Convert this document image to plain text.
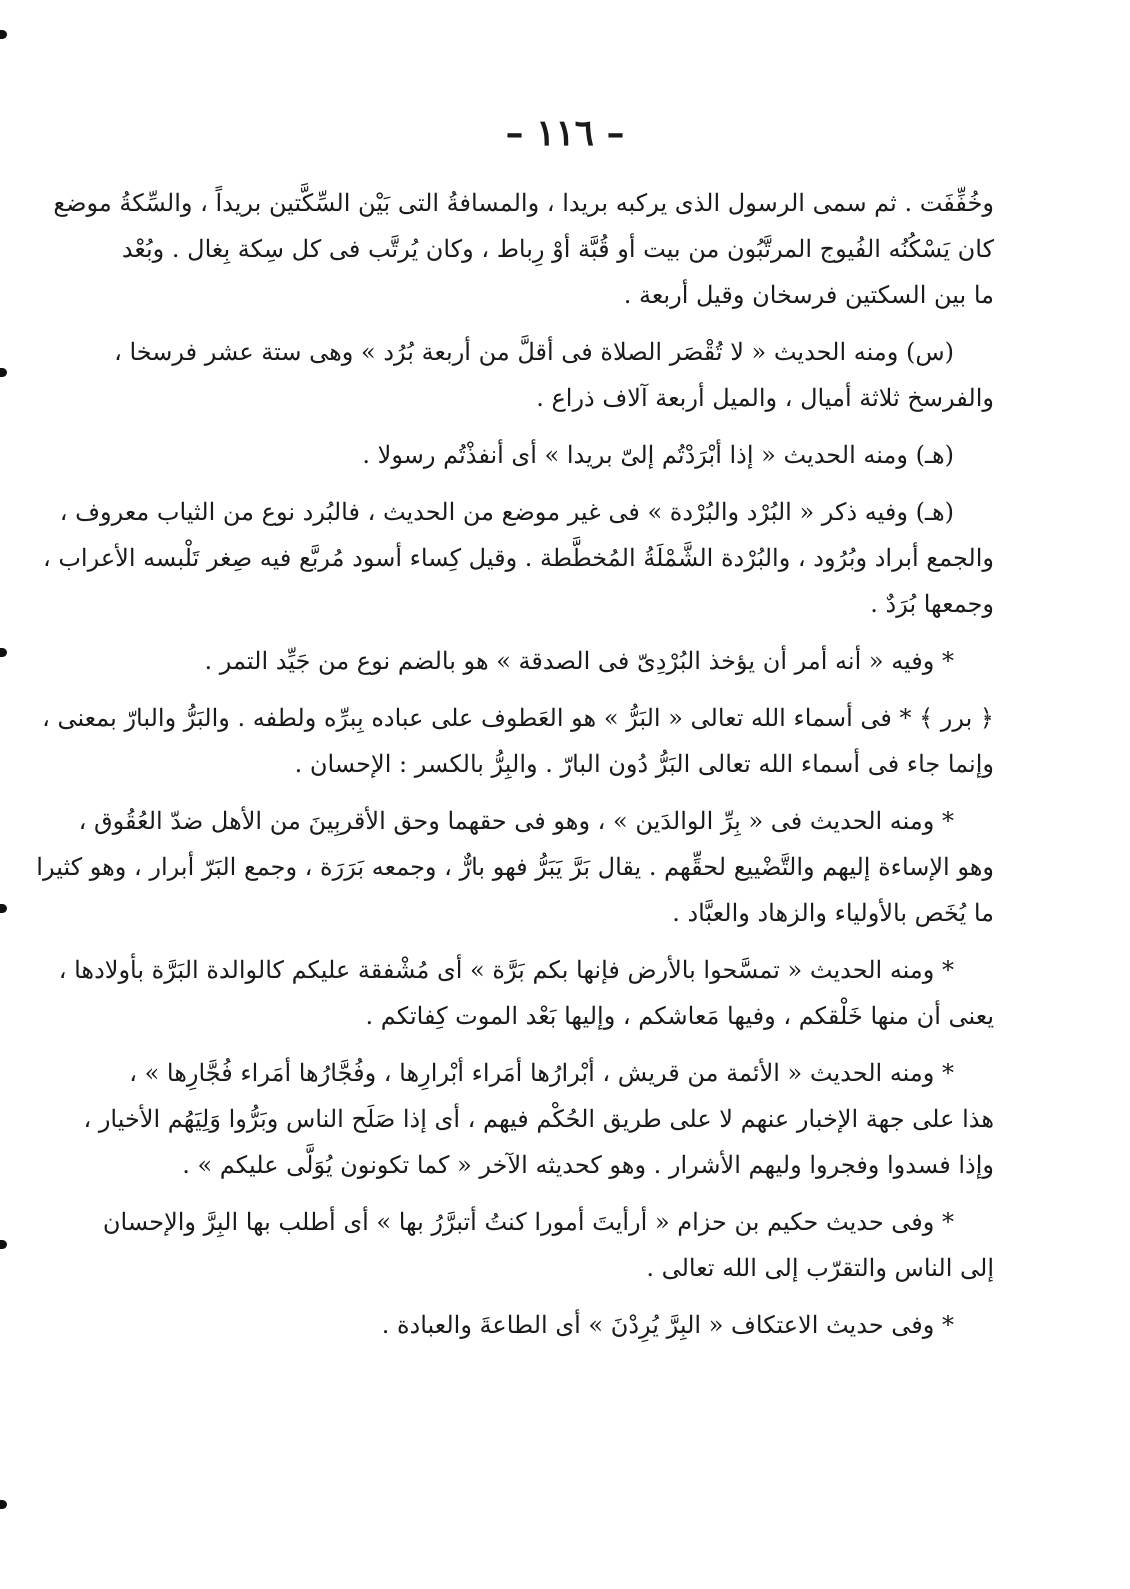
– ١١٦ –
وخُفِّفَت . ثم سمى الرسول الذى يركبه بريدا ، والمسافةُ التى بَيْن السِّكَّتين بريداً ، والسِّكةُ موضع
كان يَسْكُنُه الفُيوج المرتَّبُون من بيت أو قُبَّة أوْ رِباط ، وكان يُرتَّب فى كل سِكة بِغال . وبُعْد
ما بين السكتين فرسخان وقيل أربعة .
(س) ومنه الحديث « لا تُقْصَر الصلاة فى أقلَّ من أربعة بُرُد » وهى ستة عشر فرسخا ،
والفرسخ ثلاثة أميال ، والميل أربعة آلاف ذراع .
(هـ) ومنه الحديث « إذا أبْرَدْتُم إلىّ بريدا » أى أنفذْتُم رسولا .
(هـ) وفيه ذكر « البُرْد والبُرْدة » فى غير موضع من الحديث ، فالبُرد نوع من الثياب معروف ،
والجمع أبراد وبُرُود ، والبُرْدة الشَّمْلَةُ المُخطَّطة . وقيل كِساء أسود مُربَّع فيه صِغر تَلْبسه الأعراب ،
وجمعها بُرَدٌ .
* وفيه « أنه أمر أن يؤخذ البُرْدِىّ فى الصدقة » هو بالضم نوع من جَيِّد التمر .
﴿ برر ﴾ * فى أسماء الله تعالى « البَرُّ » هو العَطوف على عباده بِبرِّه ولطفه . والبَرُّ والبارّ بمعنى ،
وإنما جاء فى أسماء الله تعالى البَرُّ دُون البارّ . والبِرُّ بالكسر : الإحسان .
* ومنه الحديث فى « بِرِّ الوالدَين » ، وهو فى حقهما وحق الأقربِينَ من الأهل ضدّ العُقُوق ،
وهو الإساءة إليهم والتَّضْييع لحقِّهم . يقال بَرَّ يَبَرُّ فهو بارٌّ ، وجمعه بَرَرَة ، وجمع البَرّ أبرار ، وهو كثيرا
ما يُخَص بالأولياء والزهاد والعبَّاد .
* ومنه الحديث « تمسَّحوا بالأرض فإنها بكم بَرَّة » أى مُشْفقة عليكم كالوالدة البَرَّة بأولادها ،
يعنى أن منها خَلْقكم ، وفيها مَعاشكم ، وإليها بَعْد الموت كِفاتكم .
* ومنه الحديث « الأئمة من قريش ، أبْرارُها أمَراء أبْرارِها ، وفُجَّارُها أمَراء فُجَّارِها » ،
هذا على جهة الإخبار عنهم لا على طريق الحُكْم فيهم ، أى إذا صَلَح الناس وبَرُّوا وَلِيَهُم الأخيار ،
وإذا فسدوا وفجروا وليهم الأشرار . وهو كحديثه الآخر « كما تكونون يُوَلَّى عليكم » .
* وفى حديث حكيم بن حزام « أرأيتَ أمورا كنتُ أتبرَّرُ بها » أى أطلب بها البِرَّ والإحسان
إلى الناس والتقرّب إلى الله تعالى .
* وفى حديث الاعتكاف « البِرَّ يُرِدْنَ » أى الطاعةَ والعبادة .
